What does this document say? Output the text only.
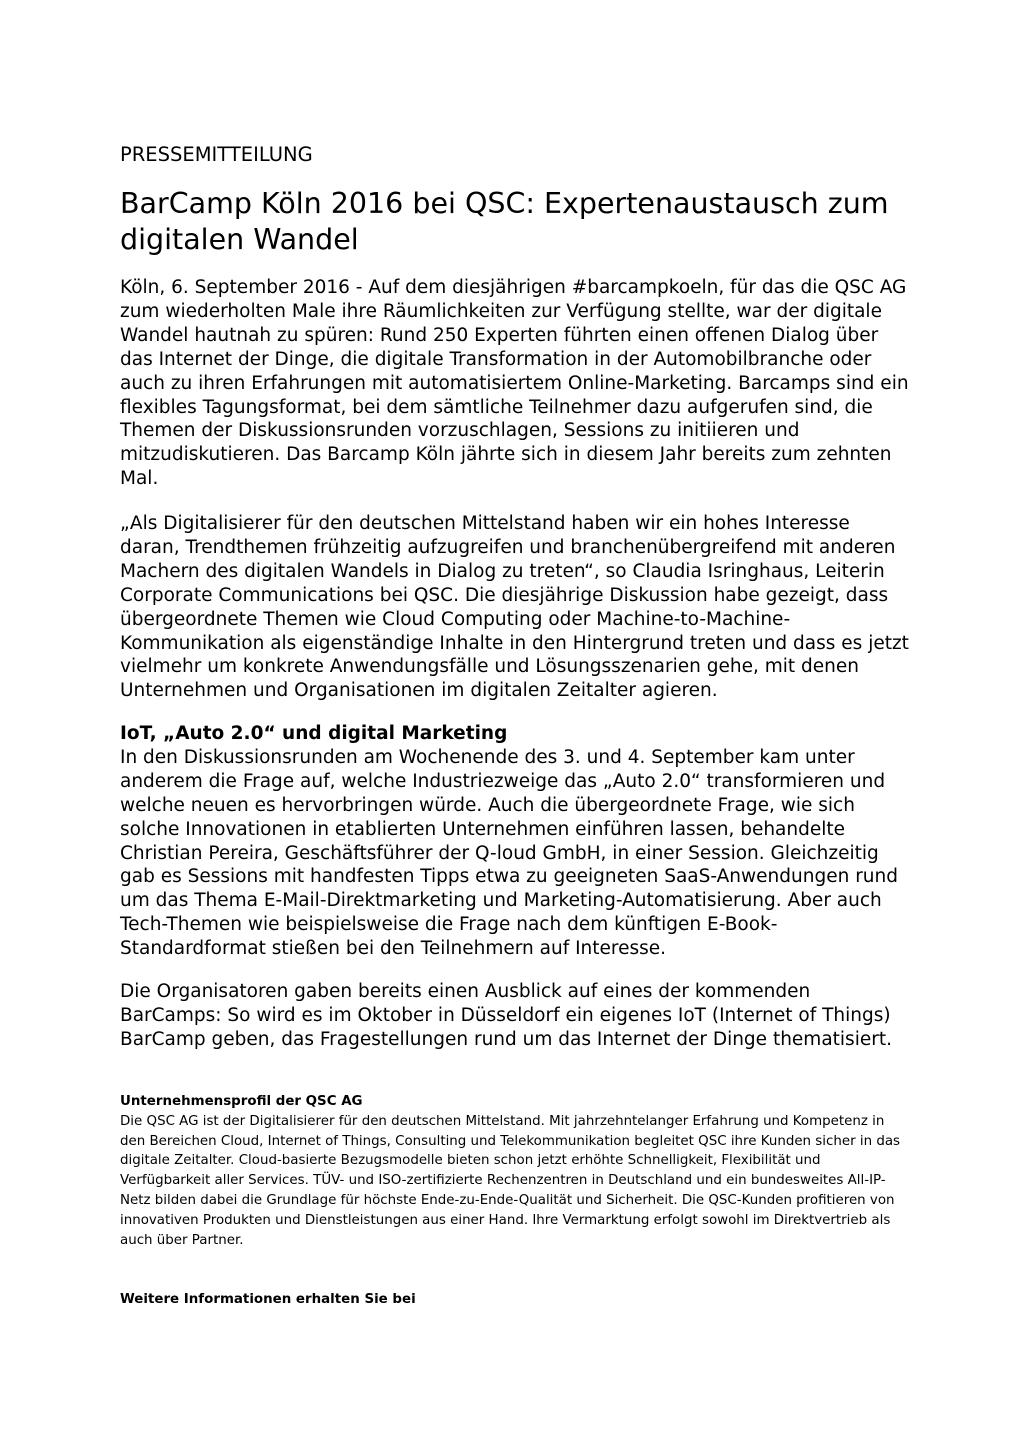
PRESSEMITTEILUNG

BarCamp Köln 2016 bei QSC: Expertenaustausch zum digitalen Wandel

Köln, 6. September 2016 - Auf dem diesjährigen #barcampkoeln, für das die QSC AG zum wiederholten Male ihre Räumlichkeiten zur Verfügung stellte, war der digitale Wandel hautnah zu spüren: Rund 250 Experten führten einen offenen Dialog über das Internet der Dinge, die digitale Transformation in der Automobilbranche oder auch zu ihren Erfahrungen mit automatisiertem Online-Marketing. Barcamps sind ein flexibles Tagungsformat, bei dem sämtliche Teilnehmer dazu aufgerufen sind, die Themen der Diskussionsrunden vorzuschlagen, Sessions zu initiieren und mitzudiskutieren. Das Barcamp Köln jährte sich in diesem Jahr bereits zum zehnten Mal.

„Als Digitalisierer für den deutschen Mittelstand haben wir ein hohes Interesse daran, Trendthemen frühzeitig aufzugreifen und branchenübergreifend mit anderen Machern des digitalen Wandels in Dialog zu treten“, so Claudia Isringhaus, Leiterin Corporate Communications bei QSC. Die diesjährige Diskussion habe gezeigt, dass übergeordnete Themen wie Cloud Computing oder Machine-to-Machine-Kommunikation als eigenständige Inhalte in den Hintergrund treten und dass es jetzt vielmehr um konkrete Anwendungsfälle und Lösungsszenarien gehe, mit denen Unternehmen und Organisationen im digitalen Zeitalter agieren.

IoT, „Auto 2.0“ und digital Marketing

In den Diskussionsrunden am Wochenende des 3. und 4. September kam unter anderem die Frage auf, welche Industriezweige das „Auto 2.0“ transformieren und welche neuen es hervorbringen würde. Auch die übergeordnete Frage, wie sich solche Innovationen in etablierten Unternehmen einführen lassen, behandelte Christian Pereira, Geschäftsführer der Q-loud GmbH, in einer Session. Gleichzeitig gab es Sessions mit handfesten Tipps etwa zu geeigneten SaaS-Anwendungen rund um das Thema E-Mail-Direktmarketing und Marketing-Automatisierung. Aber auch Tech-Themen wie beispielsweise die Frage nach dem künftigen E-Book-Standardformat stießen bei den Teilnehmern auf Interesse.

Die Organisatoren gaben bereits einen Ausblick auf eines der kommenden BarCamps: So wird es im Oktober in Düsseldorf ein eigenes IoT (Internet of Things) BarCamp geben, das Fragestellungen rund um das Internet der Dinge thematisiert.

Unternehmensprofil der QSC AG

Die QSC AG ist der Digitalisierer für den deutschen Mittelstand. Mit jahrzehntelanger Erfahrung und Kompetenz in den Bereichen Cloud, Internet of Things, Consulting und Telekommunikation begleitet QSC ihre Kunden sicher in das digitale Zeitalter. Cloud-basierte Bezugsmodelle bieten schon jetzt erhöhte Schnelligkeit, Flexibilität und Verfügbarkeit aller Services. TÜV- und ISO-zertifizierte Rechenzentren in Deutschland und ein bundesweites All-IP-Netz bilden dabei die Grundlage für höchste Ende-zu-Ende-Qualität und Sicherheit. Die QSC-Kunden profitieren von innovativen Produkten und Dienstleistungen aus einer Hand. Ihre Vermarktung erfolgt sowohl im Direktvertrieb als auch über Partner.

Weitere Informationen erhalten Sie bei
